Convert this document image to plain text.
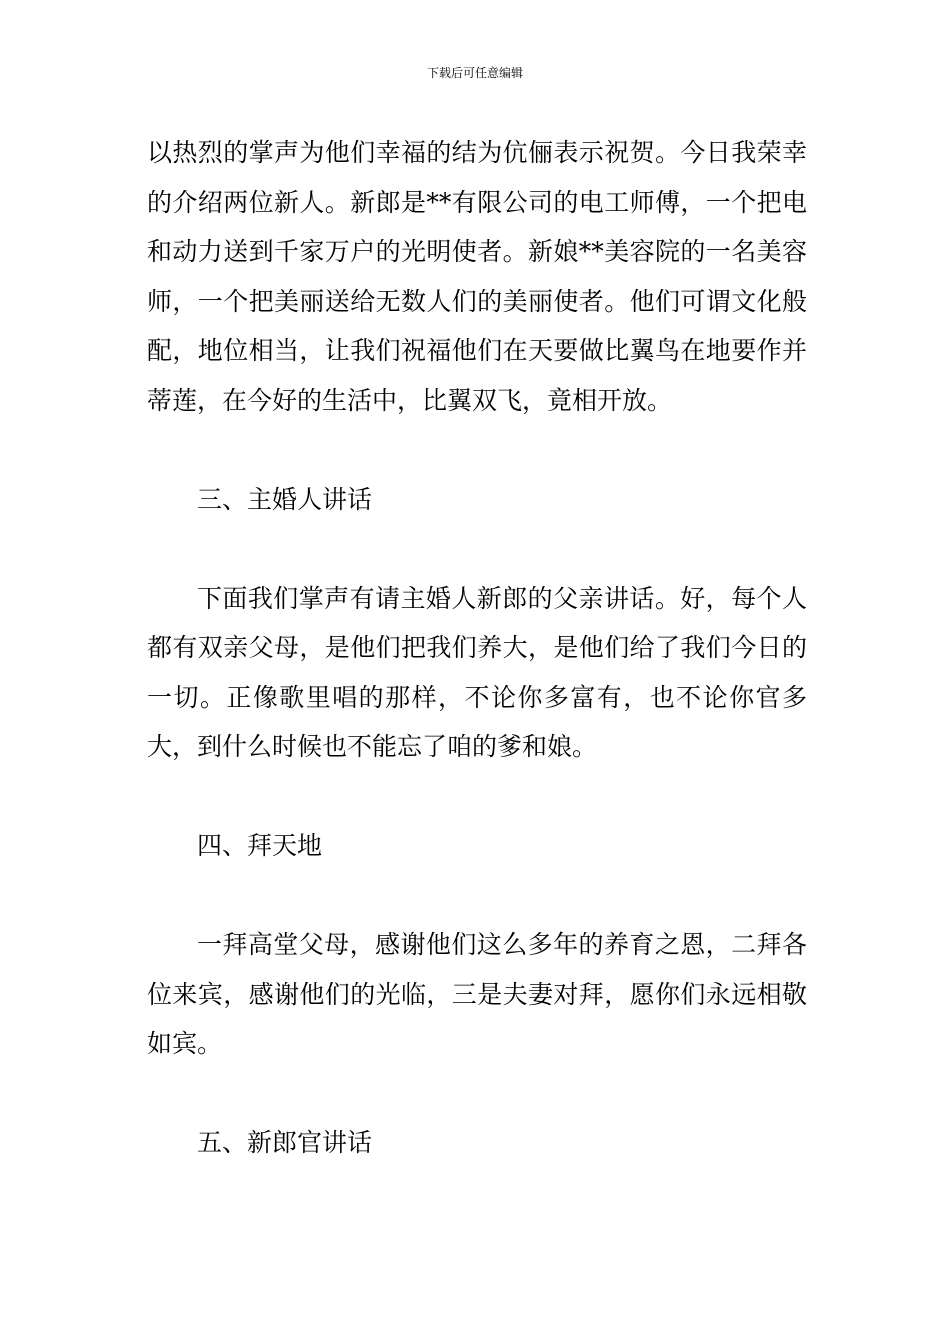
下载后可任意编辑

以热烈的掌声为他们幸福的结为伉俪表示祝贺。今日我荣幸的介绍两位新人。新郎是**有限公司的电工师傅，一个把电和动力送到千家万户的光明使者。新娘**美容院的一名美容师，一个把美丽送给无数人们的美丽使者。他们可谓文化般配，地位相当，让我们祝福他们在天要做比翼鸟在地要作并蒂莲，在今好的生活中，比翼双飞，竟相开放。

三、主婚人讲话

下面我们掌声有请主婚人新郎的父亲讲话。好，每个人都有双亲父母，是他们把我们养大，是他们给了我们今日的一切。正像歌里唱的那样，不论你多富有，也不论你官多大，到什么时候也不能忘了咱的爹和娘。

四、拜天地

一拜高堂父母，感谢他们这么多年的养育之恩，二拜各位来宾，感谢他们的光临，三是夫妻对拜，愿你们永远相敬如宾。

五、新郎官讲话
